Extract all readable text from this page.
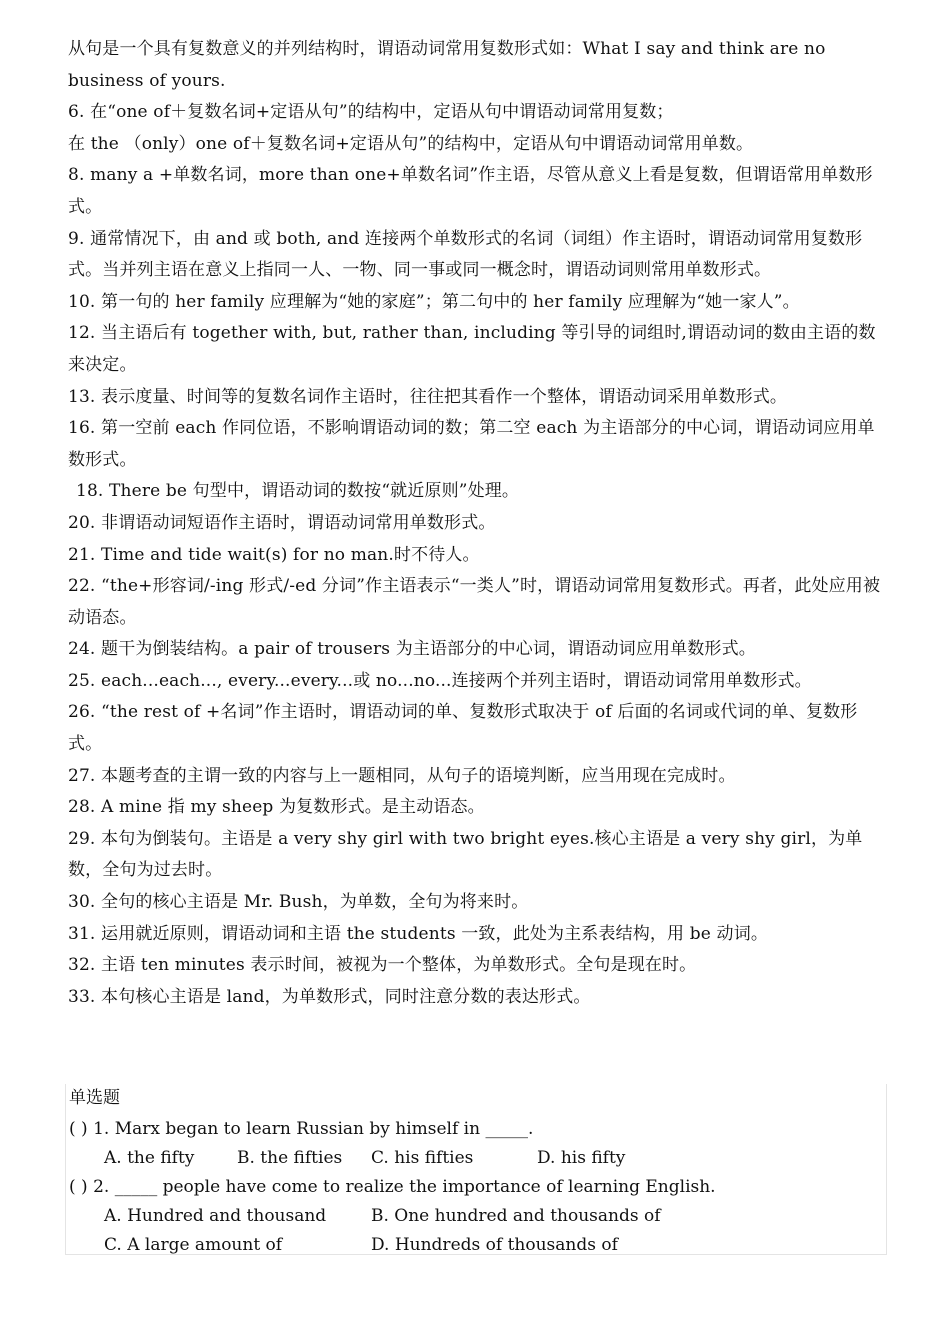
从句是一个具有复数意义的并列结构时，谓语动词常用复数形式如：What I say and think are no business of yours.

6. 在“one of＋复数名词+定语从句”的结构中，定语从句中谓语动词常用复数；

在 the （only）one of＋复数名词+定语从句”的结构中，定语从句中谓语动词常用单数。

8. many a +单数名词，more than one+单数名词”作主语，尽管从意义上看是复数，但谓语常用单数形式。

9. 通常情况下，由 and 或 both, and 连接两个单数形式的名词（词组）作主语时，谓语动词常用复数形式。当并列主语在意义上指同一人、一物、同一事或同一概念时，谓语动词则常用单数形式。

10. 第一句的 her family 应理解为“她的家庭”；第二句中的 her family 应理解为“她一家人”。

12. 当主语后有 together with, but, rather than, including 等引导的词组时,谓语动词的数由主语的数来决定。

13. 表示度量、时间等的复数名词作主语时，往往把其看作一个整体，谓语动词采用单数形式。

16. 第一空前 each 作同位语，不影响谓语动词的数；第二空 each 为主语部分的中心词，谓语动词应用单数形式。

18. There be 句型中，谓语动词的数按“就近原则”处理。

20. 非谓语动词短语作主语时，谓语动词常用单数形式。

21. Time and tide wait(s) for no man.时不待人。

22. “the+形容词/-ing 形式/-ed 分词”作主语表示“一类人”时，谓语动词常用复数形式。再者，此处应用被动语态。

24. 题干为倒装结构。a pair of trousers 为主语部分的中心词，谓语动词应用单数形式。

25. each...each..., every...every...或 no...no...连接两个并列主语时，谓语动词常用单数形式。

26. “the rest of +名词”作主语时，谓语动词的单、复数形式取决于 of 后面的名词或代词的单、复数形式。

27. 本题考查的主谓一致的内容与上一题相同，从句子的语境判断，应当用现在完成时。

28. A mine 指 my sheep 为复数形式。是主动语态。

29. 本句为倒装句。主语是 a very shy girl with two bright eyes.核心主语是 a very shy girl，为单数，全句为过去时。

30. 全句的核心主语是 Mr. Bush，为单数，全句为将来时。

31. 运用就近原则，谓语动词和主语 the students 一致，此处为主系表结构，用 be 动词。

32. 主语 ten minutes 表示时间，被视为一个整体，为单数形式。全句是现在时。

33. 本句核心主语是 land，为单数形式，同时注意分数的表达形式。

单选题
( ) 1. Marx began to learn Russian by himself in _____.
A. the fifty	B. the fifties C. his fifties	D. his fifty
( ) 2. _____ people have come to realize the importance of learning English.
A. Hundred and thousand	B. One hundred and thousands of
C. A large amount of	D. Hundreds of thousands of
